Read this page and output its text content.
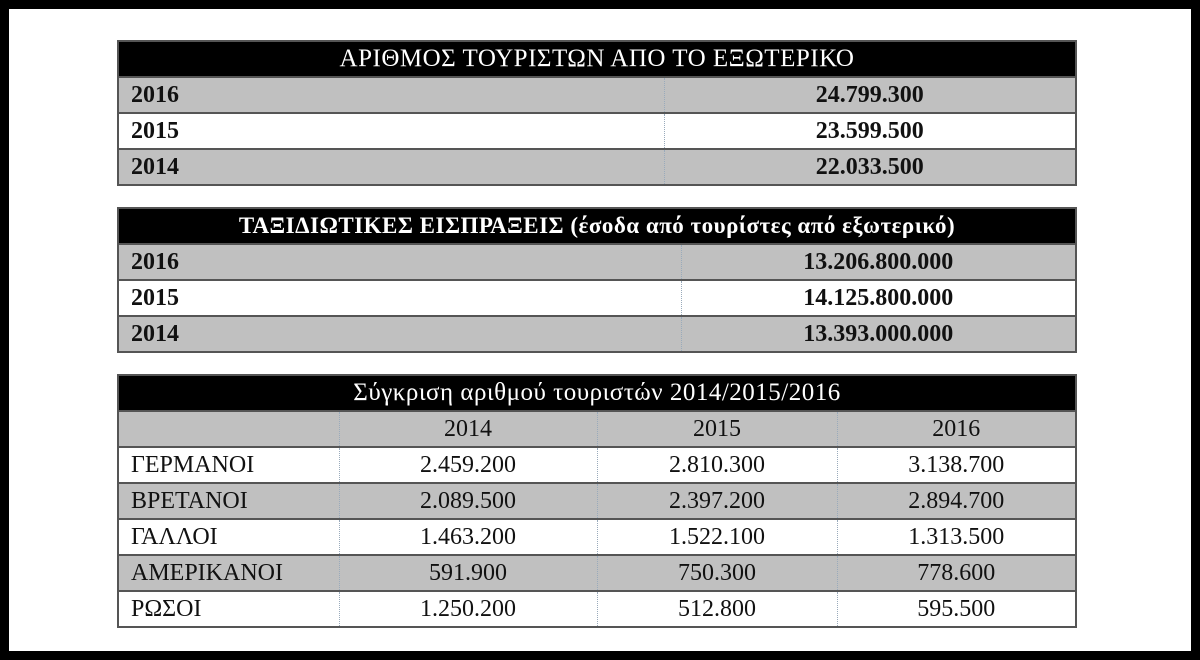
ΑΡΙΘΜΟΣ ΤΟΥΡΙΣΤΩΝ ΑΠΟ ΤΟ ΕΞΩΤΕΡΙΚΟ	
2016	24.799.300
2015	23.599.500
2014	22.033.500
ΤΑΞΙΔΙΩΤΙΚΕΣ ΕΙΣΠΡΑΞΕΙΣ (έσοδα από τουρίστες από εξωτερικό)	
2016	13.206.800.000
2015	14.125.800.000
2014	13.393.000.000
Σύγκριση αριθμού τουριστών 2014/2015/2016			
	2014	2015	2016
ΓΕΡΜΑΝΟΙ	2.459.200	2.810.300	3.138.700
ΒΡΕΤΑΝΟΙ	2.089.500	2.397.200	2.894.700
ΓΑΛΛΟΙ	1.463.200	1.522.100	1.313.500
ΑΜΕΡΙΚΑΝΟΙ	591.900	750.300	778.600
ΡΩΣΟΙ	1.250.200	512.800	595.500
